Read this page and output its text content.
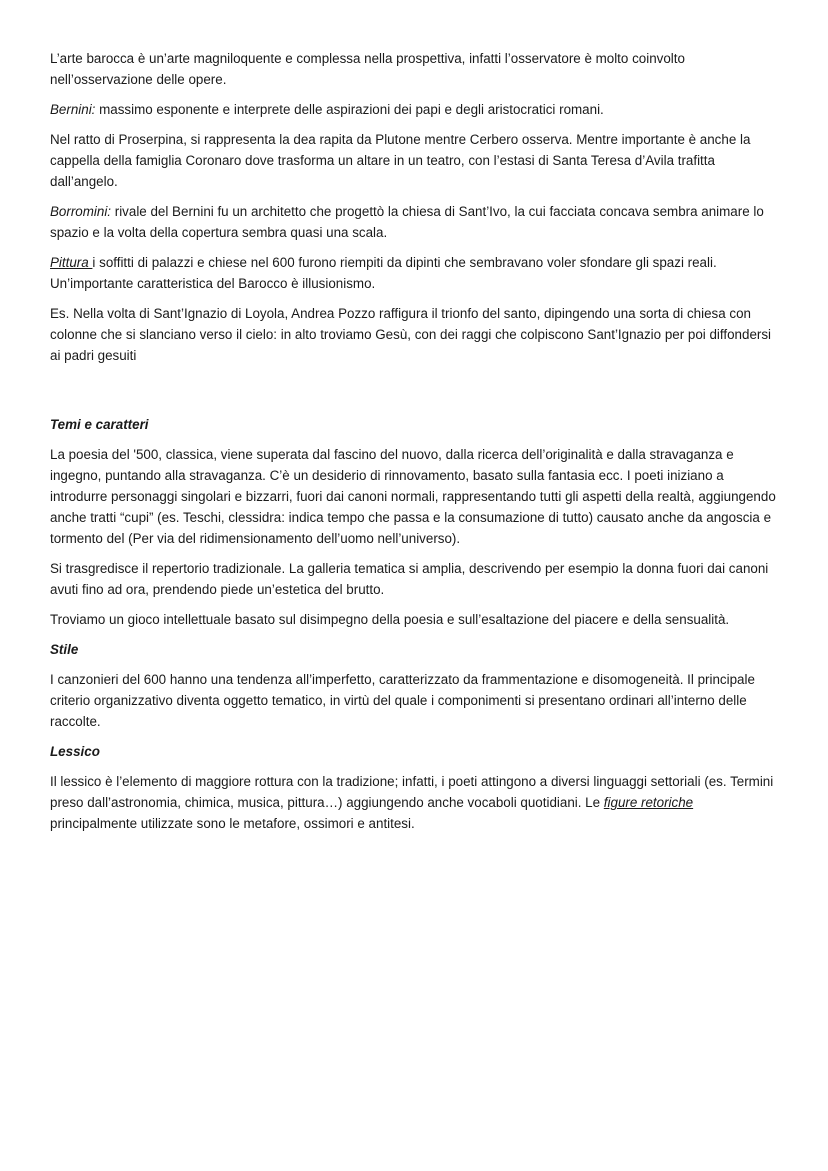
L’arte barocca è un’arte magniloquente e complessa nella prospettiva, infatti l’osservatore è molto coinvolto nell’osservazione delle opere.

Bernini: massimo esponente e interprete delle aspirazioni dei papi e degli aristocratici romani.

Nel ratto di Proserpina, si rappresenta la dea rapita da Plutone mentre Cerbero osserva. Mentre importante è anche la cappella della famiglia Coronaro dove trasforma un altare in un teatro, con l’estasi di Santa Teresa d’Avila trafitta dall’angelo.

Borromini: rivale del Bernini fu un architetto che progettò la chiesa di Sant’Ivo, la cui facciata concava sembra animare lo spazio e la volta della copertura sembra quasi una scala.

Pittura i soffitti di palazzi e chiese nel 600 furono riempiti da dipinti che sembravano voler sfondare gli spazi reali.
Un’importante caratteristica del Barocco è illusionismo.

Es. Nella volta di Sant’Ignazio di Loyola, Andrea Pozzo raffigura il trionfo del santo, dipingendo una sorta di chiesa con colonne che si slanciano verso il cielo: in alto troviamo Gesù, con dei raggi che colpiscono Sant’Ignazio per poi diffondersi ai padri gesuiti

Temi e caratteri

La poesia del '500, classica, viene superata dal fascino del nuovo, dalla ricerca dell’originalità e dalla stravaganza e ingegno, puntando alla stravaganza. C’è un desiderio di rinnovamento, basato sulla fantasia ecc. I poeti iniziano a introdurre personaggi singolari e bizzarri, fuori dai canoni normali, rappresentando tutti gli aspetti della realtà, aggiungendo anche tratti “cupi” (es. Teschi, clessidra: indica tempo che passa e la consumazione di tutto) causato anche da angoscia e tormento del (Per via del ridimensionamento dell’uomo nell’universo).

Si trasgredisce il repertorio tradizionale. La galleria tematica si amplia, descrivendo per esempio la donna fuori dai canoni avuti fino ad ora, prendendo piede un’estetica del brutto.

Troviamo un gioco intellettuale basato sul disimpegno della poesia e sull’esaltazione del piacere e della sensualità.

Stile

I canzonieri del 600 hanno una tendenza all’imperfetto, caratterizzato da frammentazione e disomogeneità. Il principale criterio organizzativo diventa oggetto tematico, in virtù del quale i componimenti si presentano ordinari all’interno delle raccolte.

Lessico

Il lessico è l’elemento di maggiore rottura con la tradizione; infatti, i poeti attingono a diversi linguaggi settoriali (es. Termini preso dall’astronomia, chimica, musica, pittura…) aggiungendo anche vocaboli quotidiani. Le figure retoriche principalmente utilizzate sono le metafore, ossimori e antitesi.
